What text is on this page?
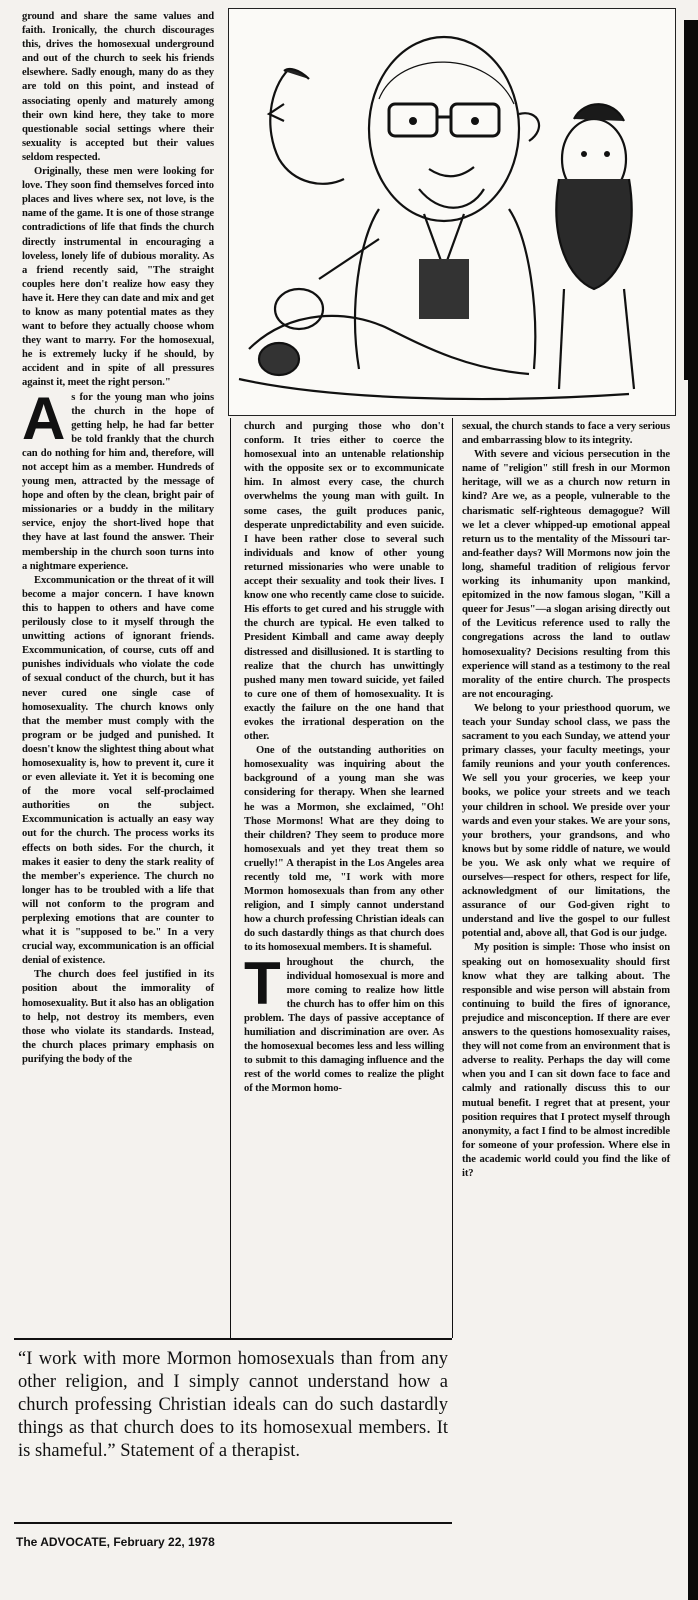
ground and share the same values and faith. Ironically, the church discourages this, drives the homosexual underground and out of the church to seek his friends elsewhere. Sadly enough, many do as they are told on this point, and instead of associating openly and maturely among their own kind here, they take to more questionable social settings where their sexuality is accepted but their values seldom respected.

Originally, these men were looking for love. They soon find themselves forced into places and lives where sex, not love, is the name of the game. It is one of those strange contradictions of life that finds the church directly instrumental in encouraging a loveless, lonely life of dubious morality. As a friend recently said, "The straight couples here don't realize how easy they have it. Here they can date and mix and get to know as many potential mates as they want to before they actually choose whom they want to marry. For the homosexual, he is extremely lucky if he should, by accident and in spite of all pressures against it, meet the right person."

As for the young man who joins the church in the hope of getting help, he had far better be told frankly that the church can do nothing for him and, therefore, will not accept him as a member. Hundreds of young men, attracted by the message of hope and often by the clean, bright pair of missionaries or a buddy in the military service, enjoy the short-lived hope that they have at last found the answer. Their membership in the church soon turns into a nightmare experience.

Excommunication or the threat of it will become a major concern. I have known this to happen to others and have come perilously close to it myself through the unwitting actions of ignorant friends. Excommunication, of course, cuts off and punishes individuals who violate the code of sexual conduct of the church, but it has never cured one single case of homosexuality. The church knows only that the member must comply with the program or be judged and punished. It doesn't know the slightest thing about what homosexuality is, how to prevent it, cure it or even alleviate it. Yet it is becoming one of the more vocal self-proclaimed authorities on the subject. Excommunication is actually an easy way out for the church. The process works its effects on both sides. For the church, it makes it easier to deny the stark reality of the member's experience. The church no longer has to be troubled with a life that will not conform to the program and perplexing emotions that are counter to what it is "supposed to be." In a very crucial way, excommunication is an official denial of existence.

The church does feel justified in its position about the immorality of homosexuality. But it also has an obligation to help, not destroy its members, even those who violate its standards. Instead, the church places primary emphasis on purifying the body of the

church and purging those who don't conform. It tries either to coerce the homosexual into an untenable relationship with the opposite sex or to excommunicate him. In almost every case, the church overwhelms the young man with guilt. In some cases, the guilt produces panic, desperate unpredictability and even suicide. I have been rather close to several such individuals and know of other young returned missionaries who were unable to accept their sexuality and took their lives. I know one who recently came close to suicide. His efforts to get cured and his struggle with the church are typical. He even talked to President Kimball and came away deeply distressed and disillusioned. It is startling to realize that the church has unwittingly pushed many men toward suicide, yet failed to cure one of them of homosexuality. It is exactly the failure on the one hand that evokes the irrational desperation on the other.

One of the outstanding authorities on homosexuality was inquiring about the background of a young man she was considering for therapy. When she learned he was a Mormon, she exclaimed, "Oh! Those Mormons! What are they doing to their children? They seem to produce more homosexuals and yet they treat them so cruelly!" A therapist in the Los Angeles area recently told me, "I work with more Mormon homosexuals than from any other religion, and I simply cannot understand how a church professing Christian ideals can do such dastardly things as that church does to its homosexual members. It is shameful.

Throughout the church, the individual homosexual is more and more coming to realize how little the church has to offer him on this problem. The days of passive acceptance of humiliation and discrimination are over. As the homosexual becomes less and less willing to submit to this damaging influence and the rest of the world comes to realize the plight of the Mormon homo-

sexual, the church stands to face a very serious and embarrassing blow to its integrity.

With severe and vicious persecution in the name of "religion" still fresh in our Mormon heritage, will we as a church now return in kind? Are we, as a people, vulnerable to the charismatic self-righteous demagogue? Will we let a clever whipped-up emotional appeal return us to the mentality of the Missouri tar-and-feather days? Will Mormons now join the long, shameful tradition of religious fervor working its inhumanity upon mankind, epitomized in the now famous slogan, "Kill a queer for Jesus"—a slogan arising directly out of the Leviticus reference used to rally the congregations across the land to outlaw homosexuality? Decisions resulting from this experience will stand as a testimony to the real morality of the entire church. The prospects are not encouraging.

We belong to your priesthood quorum, we teach your Sunday school class, we pass the sacrament to you each Sunday, we attend your primary classes, your faculty meetings, your family reunions and your youth conferences. We sell you your groceries, we keep your books, we police your streets and we teach your children in school. We preside over your wards and even your stakes. We are your sons, your brothers, your grandsons, and who knows but by some riddle of nature, we would be you. We ask only what we require of ourselves—respect for others, respect for life, acknowledgment of our limitations, the assurance of our God-given right to understand and live the gospel to our fullest potential and, above all, that God is our judge.

My position is simple: Those who insist on speaking out on homosexuality should first know what they are talking about. The responsible and wise person will abstain from continuing to build the fires of ignorance, prejudice and misconception. If there are ever answers to the questions homosexuality raises, they will not come from an environment that is adverse to reality. Perhaps the day will come when you and I can sit down face to face and calmly and rationally discuss this to our mutual benefit. I regret that at present, your position requires that I protect myself through anonymity, a fact I find to be almost incredible for someone of your profession. Where else in the academic world could you find the like of it?

“I work with more Mormon homosexuals than from any other religion, and I simply cannot understand how a church professing Christian ideals can do such dastardly things as that church does to its homosexual members. It is shameful.” Statement of a therapist.
The ADVOCATE, February 22, 1978
